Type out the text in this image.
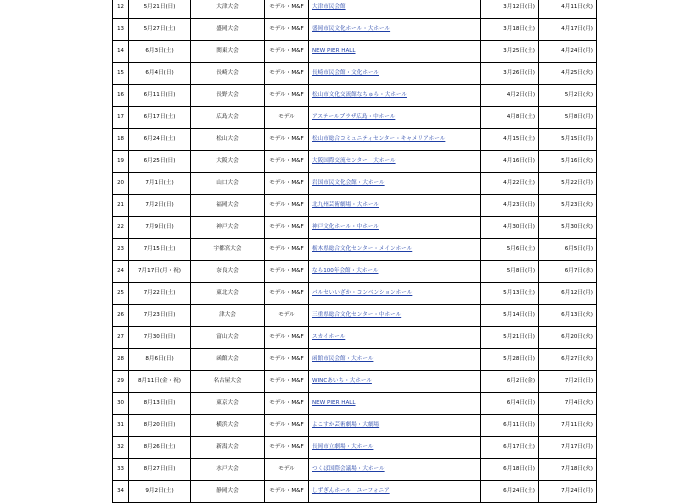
12	5月21日(日)	大津大会	モデル・M&F	大津市民会館	3月12日(日)	4月11日(火)
13	5月27日(土)	盛岡大会	モデル・M&F	盛岡市民文化ホール・大ホール	3月18日(土)	4月17日(月)
14	6月3日(土)	関東大会	モデル・M&F	NEW PIER HALL	3月25日(土)	4月24日(月)
15	6月4日(日)	長崎大会	モデル・M&F	長崎市民会館・文化ホール	3月26日(日)	4月25日(火)
16	6月11日(日)	長野大会	モデル・M&F	松山市文化交流館なちゅら・大ホール	4月2日(日)	5月2日(火)
17	6月17日(土)	広島大会	モデル	アステールプラザ広島・中ホール	4月8日(土)	5月8日(月)
18	6月24日(土)	松山大会	モデル・M&F	松山市総合コミュニティセンター・キャメリアホール	4月15日(土)	5月15日(月)
19	6月25日(日)	大阪大会	モデル・M&F	大阪国際交流センター　大ホール	4月16日(日)	5月16日(火)
20	7月1日(土)	山口大会	モデル・M&F	岩国市民文化会館・大ホール	4月22日(土)	5月22日(月)
21	7月2日(日)	福岡大会	モデル・M&F	北九州芸術劇場・大ホール	4月23日(日)	5月23日(火)
22	7月9日(日)	神戸大会	モデル・M&F	神戸文化ホール・中ホール	4月30日(日)	5月30日(火)
23	7月15日(土)	宇都宮大会	モデル・M&F	栃木県総合文化センター・メインホール	5月6日(土)	6月5日(月)
24	7月17日(月・祝)	奈良大会	モデル・M&F	なら100年会館・大ホール	5月8日(月)	6月7日(水)
25	7月22日(土)	東北大会	モデル・M&F	パルセいいざか・コンベンションホール	5月13日(土)	6月12日(月)
26	7月23日(日)	津大会	モデル	三重県総合文化センター・中ホール	5月14日(日)	6月13日(火)
27	7月30日(日)	富山大会	モデル・M&F	スカイホール	5月21日(日)	6月20日(火)
28	8月6日(日)	函館大会	モデル・M&F	函館市民会館・大ホール	5月28日(日)	6月27日(火)
29	8月11日(金・祝)	名古屋大会	モデル・M&F	WINCあいち・大ホール	6月2日(金)	7月2日(日)
30	8月13日(日)	東京大会	モデル・M&F	NEW PIER HALL	6月4日(日)	7月4日(火)
31	8月20日(日)	横浜大会	モデル・M&F	よこすか芸術劇場・大劇場	6月11日(日)	7月11日(火)
32	8月26日(土)	新潟大会	モデル・M&F	長岡市立劇場・大ホール	6月17日(土)	7月17日(月)
33	8月27日(日)	水戸大会	モデル	つくば国際会議場・大ホール	6月18日(日)	7月18日(火)
34	9月2日(土)	静岡大会	モデル・M&F	しずぎんホール　ユーフォニア	6月24日(土)	7月24日(月)
